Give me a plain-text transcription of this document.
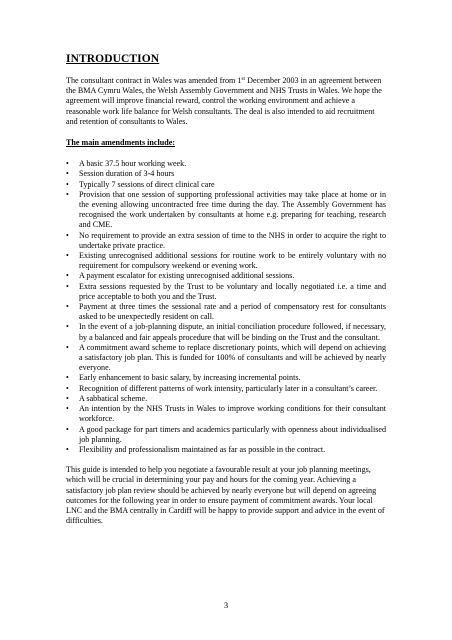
INTRODUCTION

The consultant contract in Wales was amended from 1st December 2003 in an agreement between the BMA Cymru Wales, the Welsh Assembly Government and NHS Trusts in Wales. We hope the agreement will improve financial reward, control the working environment and achieve a reasonable work life balance for Welsh consultants. The deal is also intended to aid recruitment and retention of consultants to Wales.

The main amendments include:

• A basic 37.5 hour working week.
• Session duration of 3-4 hours
• Typically 7 sessions of direct clinical care
• Provision that one session of supporting professional activities may take place at home or in the evening allowing uncontracted free time during the day. The Assembly Government has recognised the work undertaken by consultants at home e.g. preparing for teaching, research and CME.
• No requirement to provide an extra session of time to the NHS in order to acquire the right to undertake private practice.
• Existing unrecognised additional sessions for routine work to be entirely voluntary with no requirement for compulsory weekend or evening work.
• A payment escalator for existing unrecognised additional sessions.
• Extra sessions requested by the Trust to be voluntary and locally negotiated i.e. a time and price acceptable to both you and the Trust.
• Payment at three times the sessional rate and a period of compensatory rest for consultants asked to be unexpectedly resident on call.
• In the event of a job-planning dispute, an initial conciliation procedure followed, if necessary, by a balanced and fair appeals procedure that will be binding on the Trust and the consultant.
• A commitment award scheme to replace discretionary points, which will depend on achieving a satisfactory job plan. This is funded for 100% of consultants and will be achieved by nearly everyone.
• Early enhancement to basic salary, by increasing incremental points.
• Recognition of different patterns of work intensity, particularly later in a consultant’s career.
• A sabbatical scheme.
• An intention by the NHS Trusts in Wales to improve working conditions for their consultant workforce.
• A good package for part timers and academics particularly with openness about individualised job planning.
• Flexibility and professionalism maintained as far as possible in the contract.

This guide is intended to help you negotiate a favourable result at your job planning meetings, which will be crucial in determining your pay and hours for the coming year. Achieving a satisfactory job plan review should be achieved by nearly everyone but will depend on agreeing outcomes for the following year in order to ensure payment of commitment awards. Your local LNC and the BMA centrally in Cardiff will be happy to provide support and advice in the event of difficulties.

3
